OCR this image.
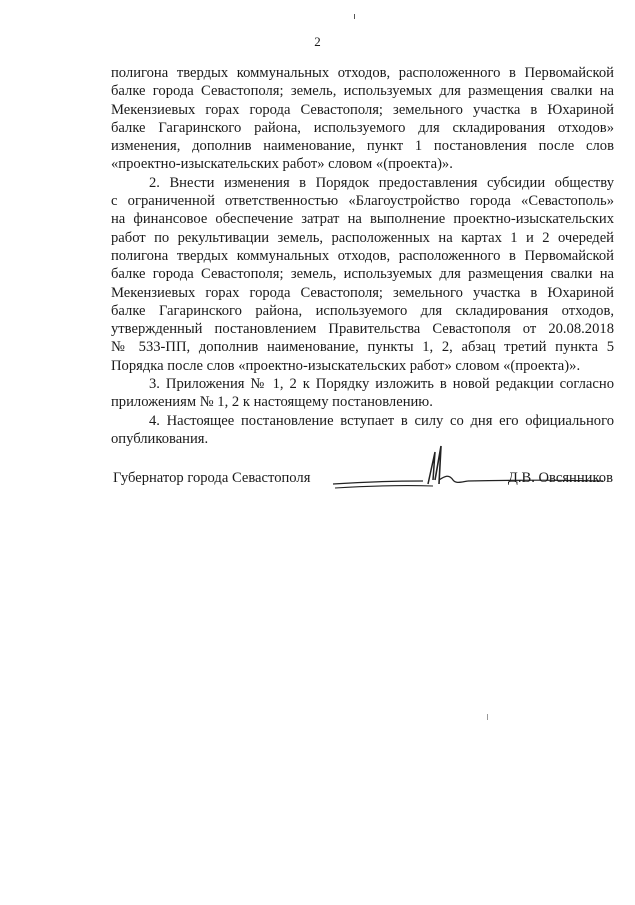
2

полигона твердых коммунальных отходов, расположенного в Первомайской
балке города Севастополя; земель, используемых для размещения свалки на
Мекензиевых горах города Севастополя; земельного участка в Юхариной
балке Гагаринского района, используемого для складирования отходов»
изменения, дополнив наименование, пункт 1 постановления после слов
«проектно-изыскательских работ» словом «(проекта)».

2. Внести изменения в Порядок предоставления субсидии обществу
с ограниченной ответственностью «Благоустройство города «Севастополь»
на финансовое обеспечение затрат на выполнение проектно-изыскательских
работ по рекультивации земель, расположенных на картах 1 и 2 очередей
полигона твердых коммунальных отходов, расположенного в Первомайской
балке города Севастополя; земель, используемых для размещения свалки на
Мекензиевых горах города Севастополя; земельного участка в Юхариной
балке Гагаринского района, используемого для складирования отходов,
утвержденный постановлением Правительства Севастополя от 20.08.2018
№ 533-ПП, дополнив наименование, пункты 1, 2, абзац третий пункта 5
Порядка после слов «проектно-изыскательских работ» словом «(проекта)».

3. Приложения № 1, 2 к Порядку изложить в новой редакции согласно
приложениям № 1, 2 к настоящему постановлению.

4. Настоящее постановление вступает в силу со дня его официального
опубликования.

Губернатор города Севастополя	Д.В. Овсянников
